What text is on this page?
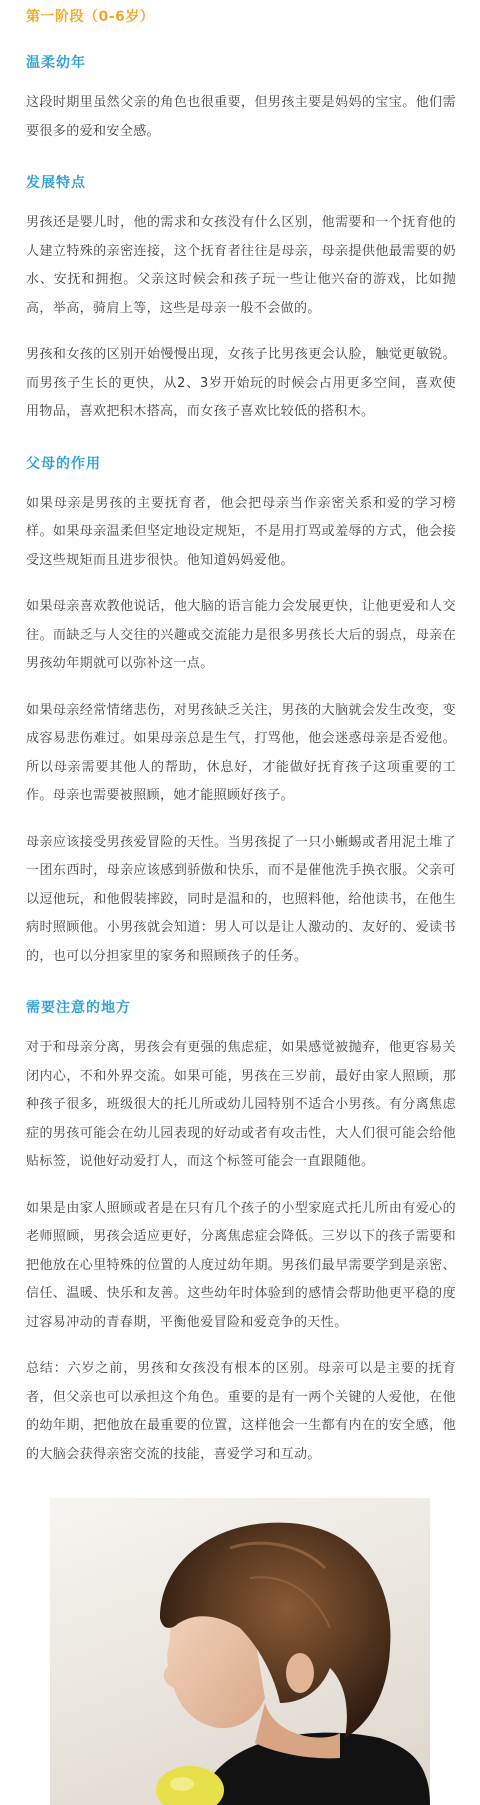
第一阶段（0-6岁）
温柔幼年

这段时期里虽然父亲的角色也很重要，但男孩主要是妈妈的宝宝。他们需要很多的爱和安全感。

发展特点

男孩还是婴儿时，他的需求和女孩没有什么区别，他需要和一个抚育他的人建立特殊的亲密连接，这个抚育者往往是母亲，母亲提供他最需要的奶水、安抚和拥抱。父亲这时候会和孩子玩一些让他兴奋的游戏，比如抛高，举高，骑肩上等，这些是母亲一般不会做的。

男孩和女孩的区别开始慢慢出现，女孩子比男孩更会认脸，触觉更敏锐。而男孩子生长的更快，从2、3岁开始玩的时候会占用更多空间，喜欢使用物品，喜欢把积木搭高，而女孩子喜欢比较低的搭积木。

父母的作用

如果母亲是男孩的主要抚育者，他会把母亲当作亲密关系和爱的学习榜样。如果母亲温柔但坚定地设定规矩，不是用打骂或羞辱的方式，他会接受这些规矩而且进步很快。他知道妈妈爱他。

如果母亲喜欢教他说话，他大脑的语言能力会发展更快，让他更爱和人交往。而缺乏与人交往的兴趣或交流能力是很多男孩长大后的弱点，母亲在男孩幼年期就可以弥补这一点。

如果母亲经常情绪悲伤，对男孩缺乏关注，男孩的大脑就会发生改变，变成容易悲伤难过。如果母亲总是生气，打骂他，他会迷惑母亲是否爱他。所以母亲需要其他人的帮助，休息好，才能做好抚育孩子这项重要的工作。母亲也需要被照顾，她才能照顾好孩子。

母亲应该接受男孩爱冒险的天性。当男孩捉了一只小蜥蜴或者用泥土堆了一团东西时，母亲应该感到骄傲和快乐，而不是催他洗手换衣服。父亲可以逗他玩，和他假装摔跤，同时是温和的，也照料他，给他读书，在他生病时照顾他。小男孩就会知道：男人可以是让人激动的、友好的、爱读书的，也可以分担家里的家务和照顾孩子的任务。

需要注意的地方

对于和母亲分离，男孩会有更强的焦虑症，如果感觉被抛弃，他更容易关闭内心，不和外界交流。如果可能，男孩在三岁前，最好由家人照顾，那种孩子很多，班级很大的托儿所或幼儿园特别不适合小男孩。有分离焦虑症的男孩可能会在幼儿园表现的好动或者有攻击性，大人们很可能会给他贴标签，说他好动爱打人，而这个标签可能会一直跟随他。

如果是由家人照顾或者是在只有几个孩子的小型家庭式托儿所由有爱心的老师照顾，男孩会适应更好，分离焦虑症会降低。三岁以下的孩子需要和把他放在心里特殊的位置的人度过幼年期。男孩们最早需要学到是亲密、信任、温暖、快乐和友善。这些幼年时体验到的感情会帮助他更平稳的度过容易冲动的青春期，平衡他爱冒险和爱竞争的天性。

总结：六岁之前，男孩和女孩没有根本的区别。母亲可以是主要的抚育者，但父亲也可以承担这个角色。重要的是有一两个关键的人爱他，在他的幼年期，把他放在最重要的位置，这样他会一生都有内在的安全感，他的大脑会获得亲密交流的技能，喜爱学习和互动。
